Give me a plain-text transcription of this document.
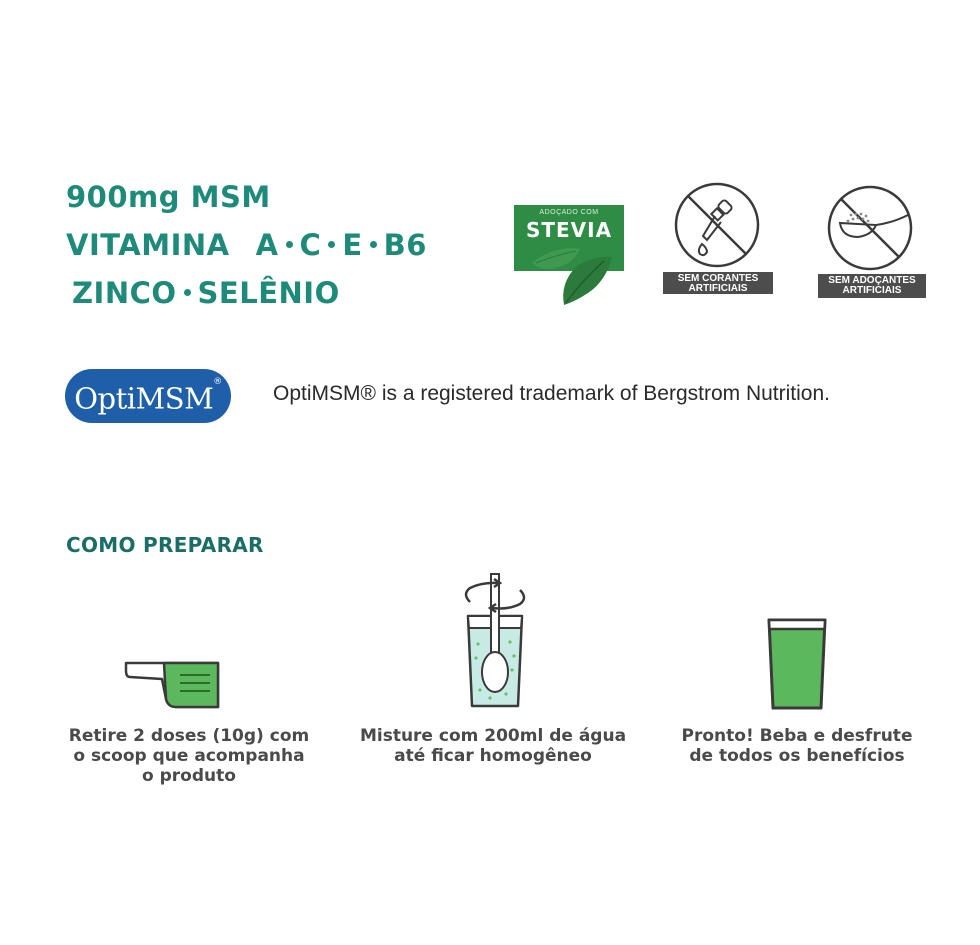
900mg MSM
VITAMINA A C E B6
ZINCO SELÊNIO
ADOÇADO COM
STEVIA
SEM CORANTES
ARTIFICIAIS
SEM ADOÇANTES
ARTIFICIAIS
OptiMSM®	OptiMSM® is a registered trademark of Bergstrom Nutrition.
COMO PREPARAR
Retire 2 doses (10g) com
o scoop que acompanha
o produto
Misture com 200ml de água
até ficar homogêneo
Pronto! Beba e desfrute
de todos os benefícios
